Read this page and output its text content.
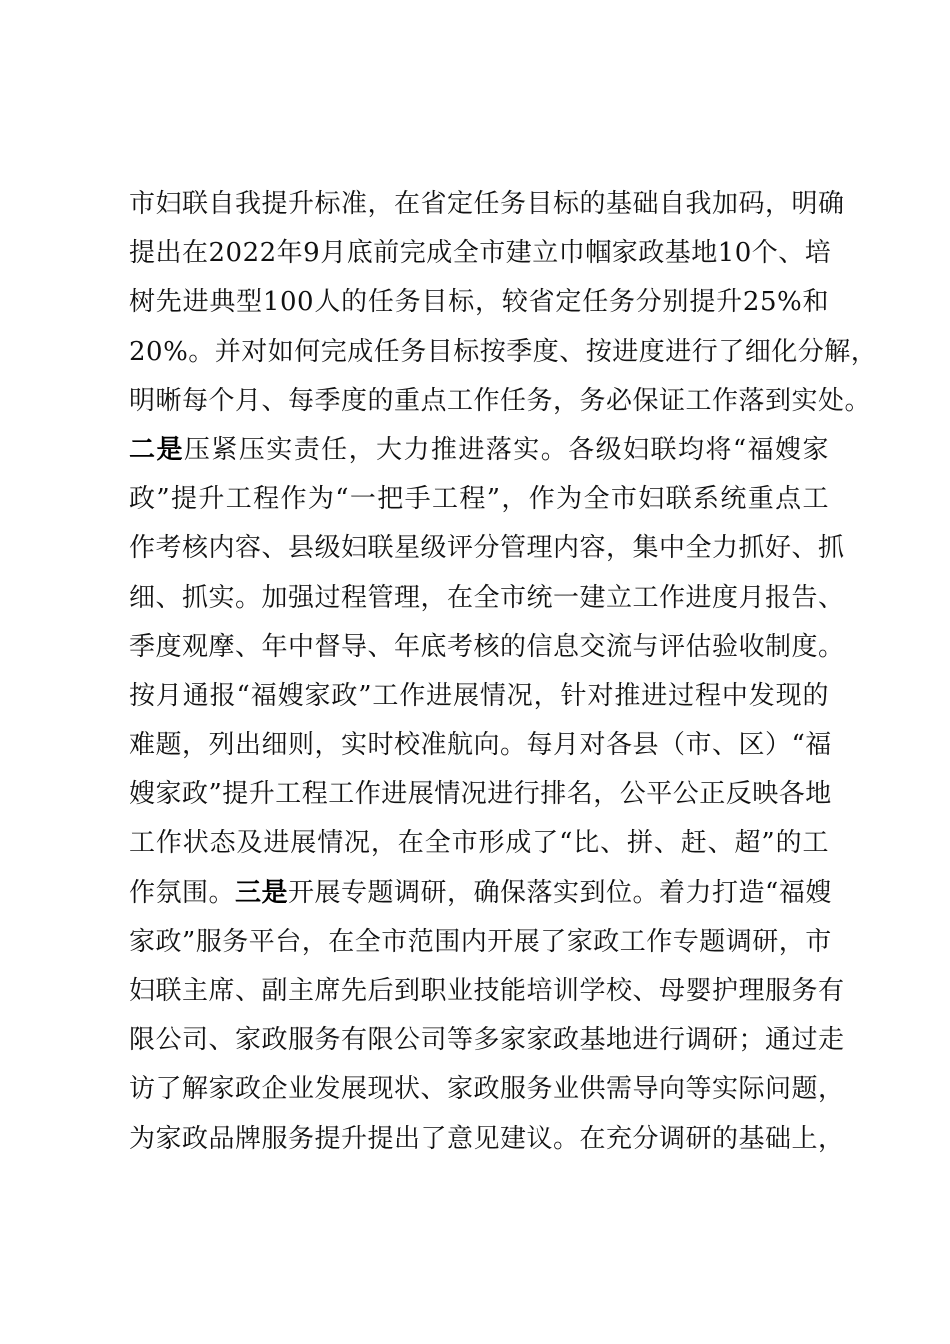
市妇联自我提升标准，在省定任务目标的基础自我加码，明确
提出在2022年9月底前完成全市建立巾帼家政基地10个、培
树先进典型100人的任务目标，较省定任务分别提升25%和
20%。并对如何完成任务目标按季度、按进度进行了细化分解，
明晰每个月、每季度的重点工作任务，务必保证工作落到实处。
二是压紧压实责任，大力推进落实。各级妇联均将“福嫂家
政”提升工程作为“一把手工程”，作为全市妇联系统重点工
作考核内容、县级妇联星级评分管理内容，集中全力抓好、抓
细、抓实。加强过程管理，在全市统一建立工作进度月报告、
季度观摩、年中督导、年底考核的信息交流与评估验收制度。
按月通报“福嫂家政”工作进展情况，针对推进过程中发现的
难题，列出细则，实时校准航向。每月对各县（市、区）“福
嫂家政”提升工程工作进展情况进行排名，公平公正反映各地
工作状态及进展情况，在全市形成了“比、拼、赶、超”的工
作氛围。三是开展专题调研，确保落实到位。着力打造“福嫂
家政”服务平台，在全市范围内开展了家政工作专题调研，市
妇联主席、副主席先后到职业技能培训学校、母婴护理服务有
限公司、家政服务有限公司等多家家政基地进行调研；通过走
访了解家政企业发展现状、家政服务业供需导向等实际问题，
为家政品牌服务提升提出了意见建议。在充分调研的基础上，
